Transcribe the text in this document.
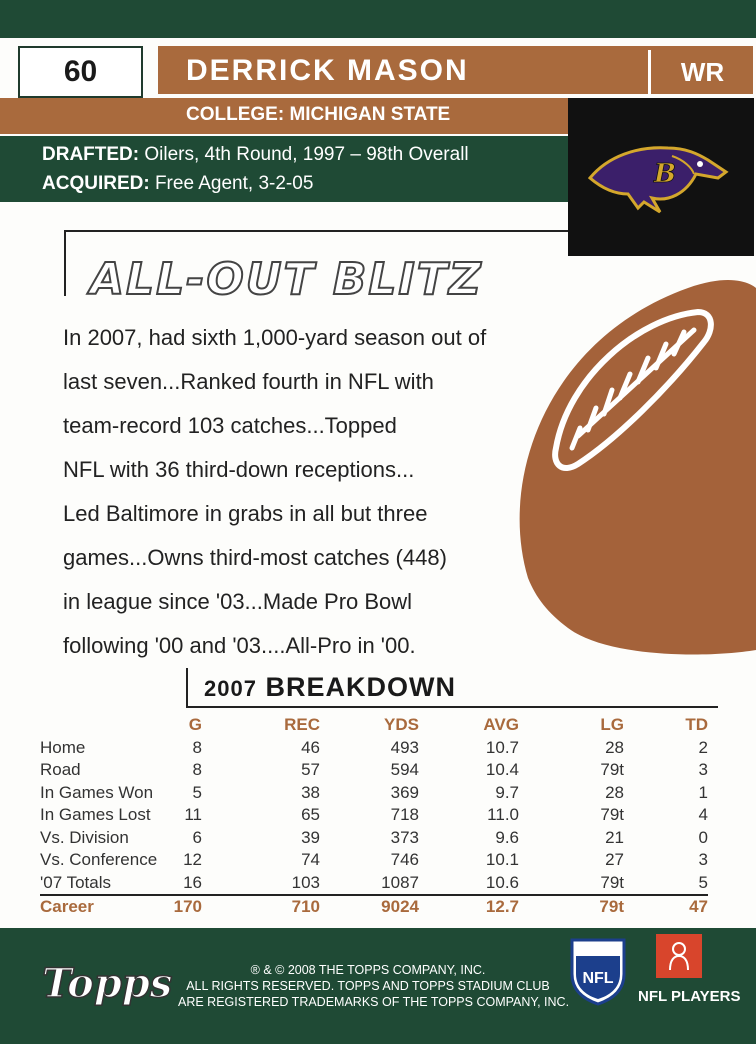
60	DERRICK MASON	WR
COLLEGE: MICHIGAN STATE
DRAFTED: Oilers, 4th Round, 1997 – 98th Overall
ACQUIRED: Free Agent, 3-2-05	B
ALL-OUT BLITZ

In 2007, had sixth 1,000-yard season out of

last seven...Ranked fourth in NFL with

team-record 103 catches...Topped

NFL with 36 third-down receptions...

Led Baltimore in grabs in all but three

games...Owns third-most catches (448)

in league since '03...Made Pro Bowl

following '00 and '03....All-Pro in '00.

2007 BREAKDOWN
	G	REC	YDS	AVG	LG	TD
Home	8	46	493	10.7	28	2
Road	8	57	594	10.4	79t	3
In Games Won	5	38	369	9.7	28	1
In Games Lost	11	65	718	11.0	79t	4
Vs. Division	6	39	373	9.6	21	0
Vs. Conference	12	74	746	10.1	27	3
'07 Totals	16	103	1087	10.6	79t	5
Career	170	710	9024	12.7	79t	47
Topps	® & © 2008 THE TOPPS COMPANY, INC.
ALL RIGHTS RESERVED. TOPPS AND TOPPS STADIUM CLUB
ARE REGISTERED TRADEMARKS OF THE TOPPS COMPANY, INC.
NFL
NFL PLAYERS
